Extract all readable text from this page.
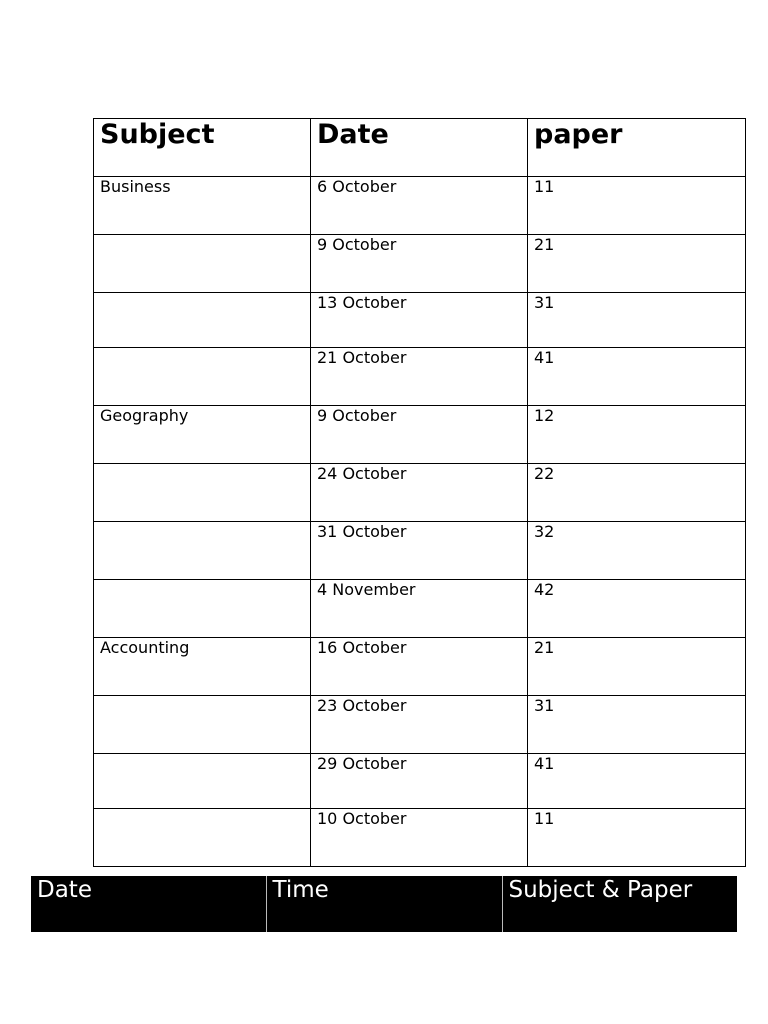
Subject	Date	paper
Business	6 October	11
	9 October	21
	13 October	31
	21 October	41
Geography	9 October	12
	24 October	22
	31 October	32
	4 November	42
Accounting	16 October	21
	23 October	31
	29 October	41
	10 October	11
Date	Time	Subject & Paper
